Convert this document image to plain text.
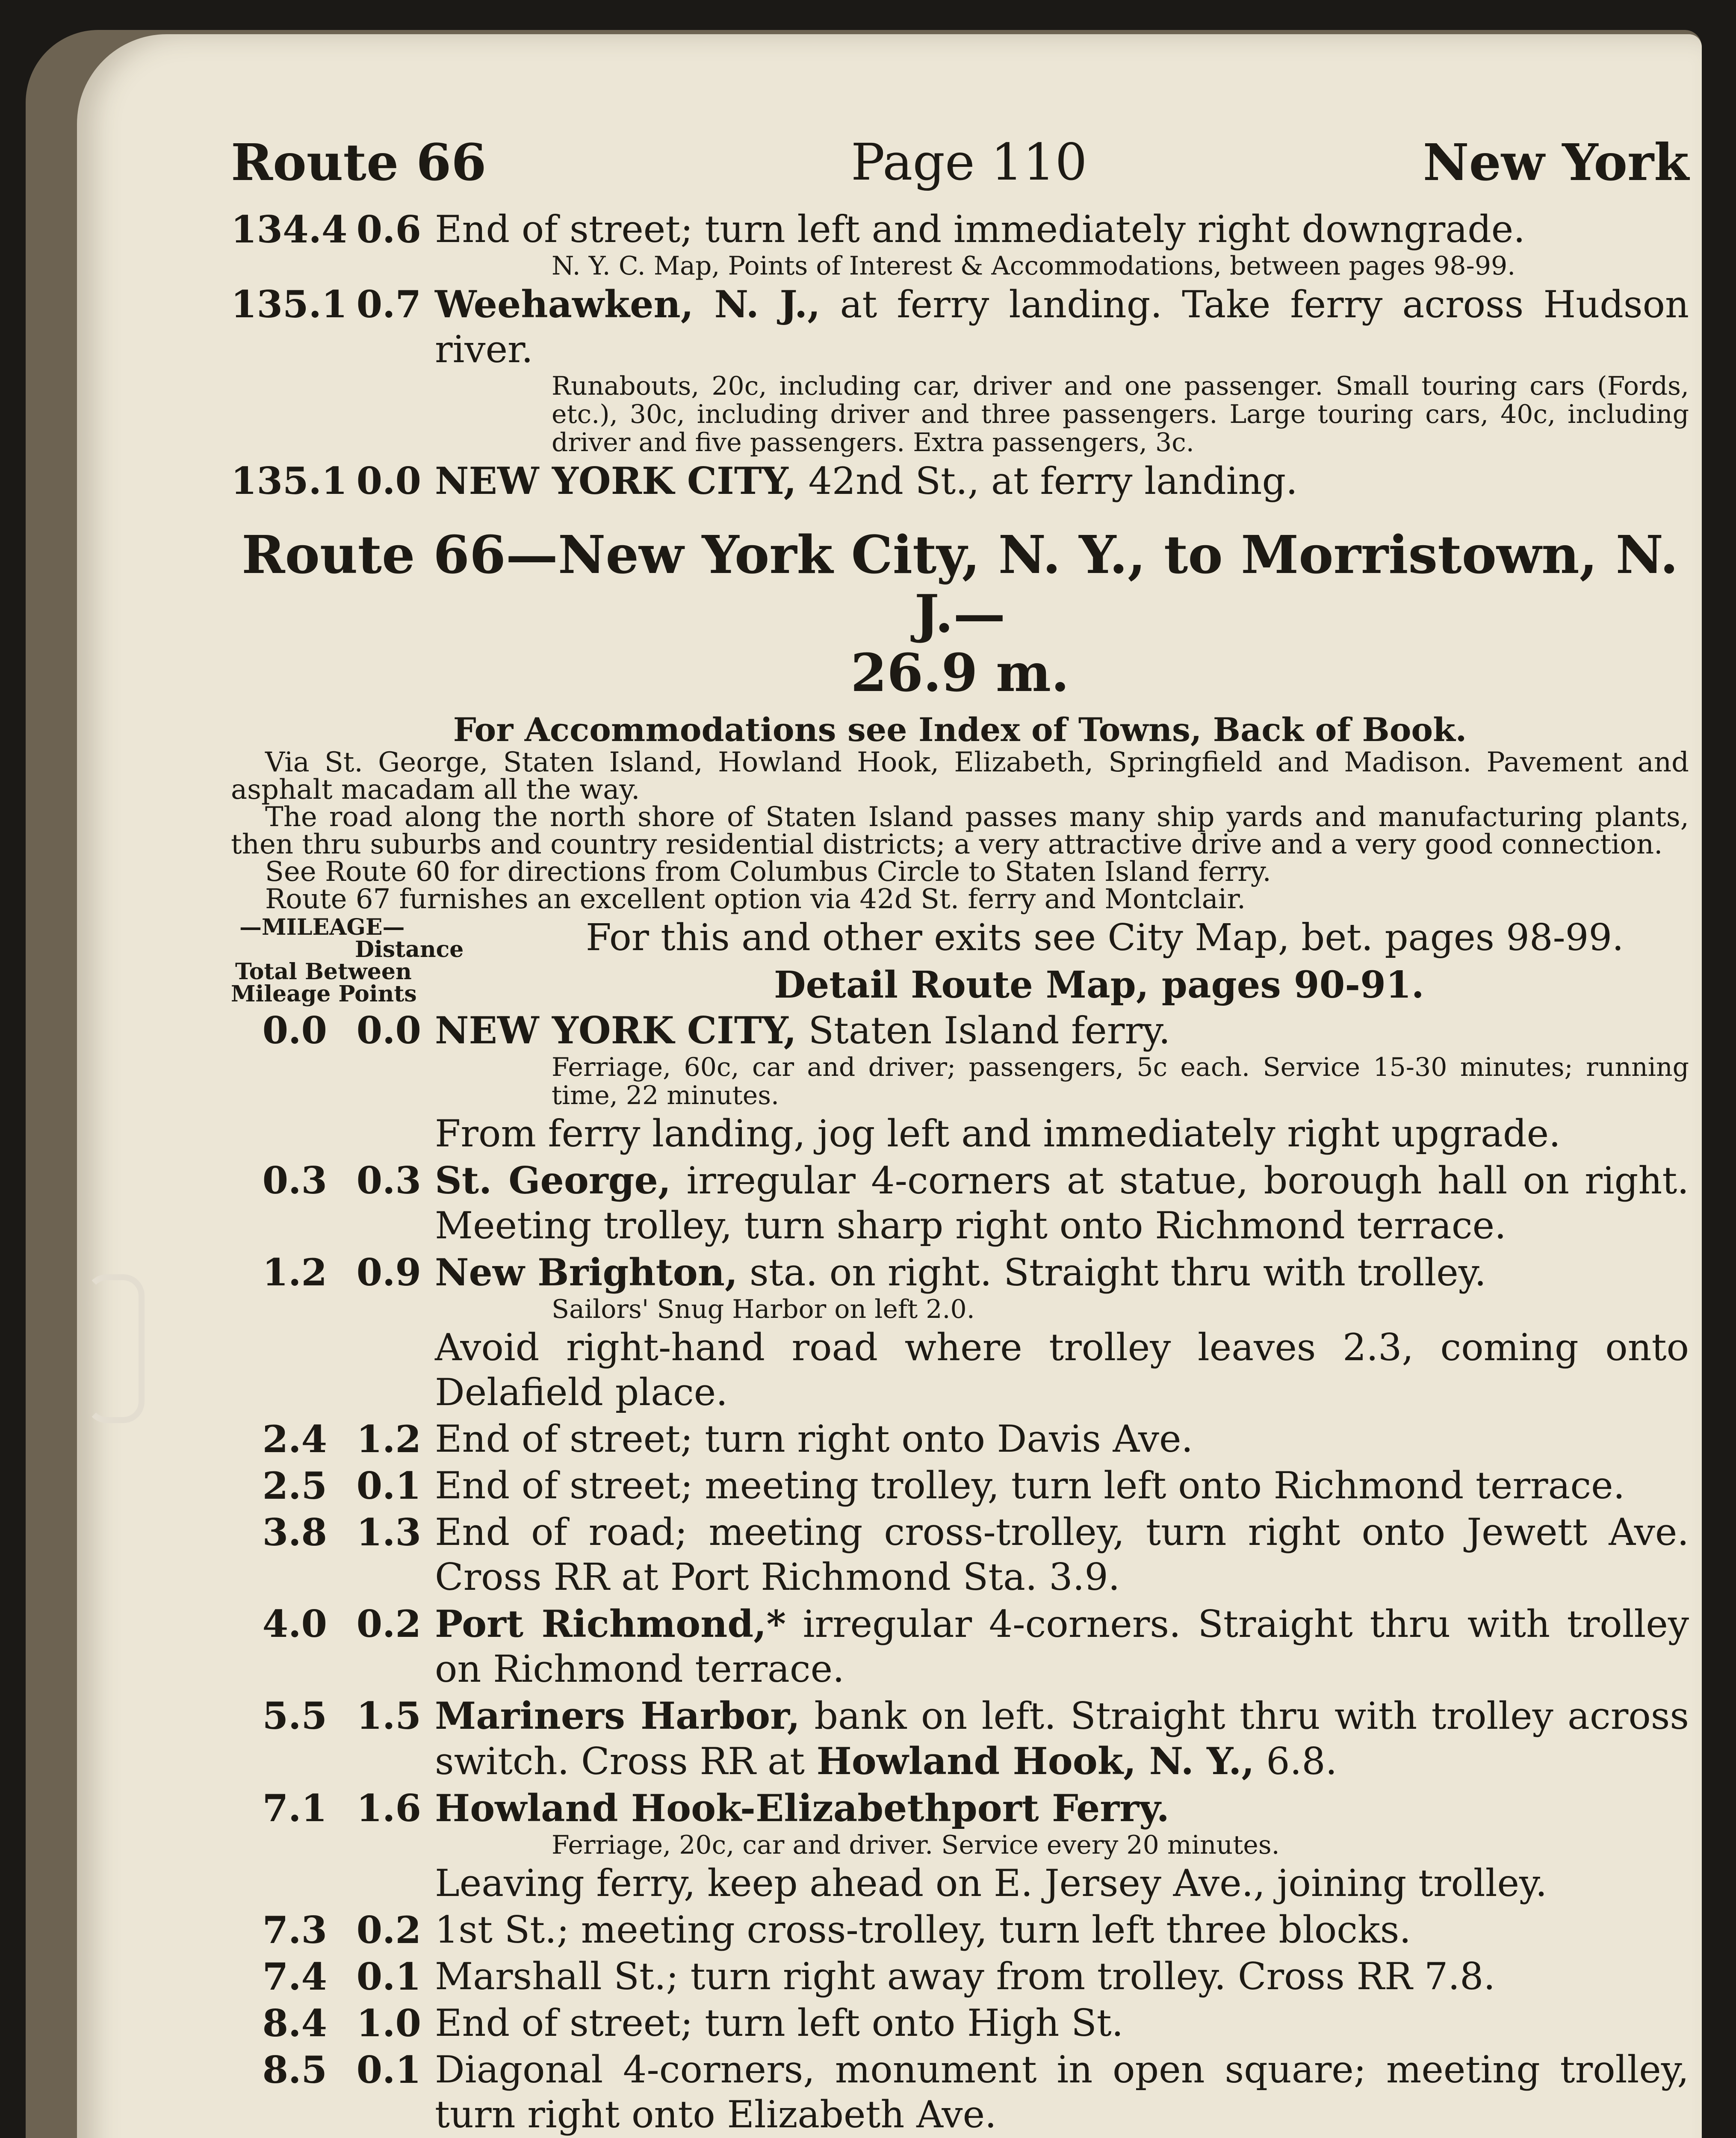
Route 66	Page 110	New York
134.4 0.6 End of street; turn left and immediately right downgrade.
N. Y. C. Map, Points of Interest & Accommodations, between pages 98-99.
135.1 0.7 Weehawken, N. J., at ferry landing. Take ferry across Hudson river.
Runabouts, 20c, including car, driver and one passenger. Small touring cars (Fords, etc.), 30c, including driver and three passengers. Large touring cars, 40c, including driver and five passengers. Extra passengers, 3c.
135.1 0.0 NEW YORK CITY, 42nd St., at ferry landing.
Route 66—New York City, N. Y., to Morristown, N. J.—
26.9 m.
For Accommodations see Index of Towns, Back of Book.
Via St. George, Staten Island, Howland Hook, Elizabeth, Springfield and Madison. Pavement and asphalt macadam all the way.
The road along the north shore of Staten Island passes many ship yards and manufacturing plants, then thru suburbs and country residential districts; a very attractive drive and a very good connection.
See Route 60 for directions from Columbus Circle to Staten Island ferry.
Route 67 furnishes an excellent option via 42d St. ferry and Montclair.
—MILEAGE—
Distance
Total Between
Mileage Points
For this and other exits see City Map, bet. pages 98-99.
Detail Route Map, pages 90-91.
0.0 0.0 NEW YORK CITY, Staten Island ferry.
Ferriage, 60c, car and driver; passengers, 5c each. Service 15-30 minutes; running time, 22 minutes.
From ferry landing, jog left and immediately right upgrade.
0.3 0.3 St. George, irregular 4-corners at statue, borough hall on right. Meeting trolley, turn sharp right onto Richmond terrace.
1.2 0.9 New Brighton, sta. on right. Straight thru with trolley.
Sailors' Snug Harbor on left 2.0.
Avoid right-hand road where trolley leaves 2.3, coming onto Delafield place.
2.4 1.2 End of street; turn right onto Davis Ave.
2.5 0.1 End of street; meeting trolley, turn left onto Richmond terrace.
3.8 1.3 End of road; meeting cross-trolley, turn right onto Jewett Ave. Cross RR at Port Richmond Sta. 3.9.
4.0 0.2 Port Richmond,* irregular 4-corners. Straight thru with trolley on Richmond terrace.
5.5 1.5 Mariners Harbor, bank on left. Straight thru with trolley across switch. Cross RR at Howland Hook, N. Y., 6.8.
7.1 1.6 Howland Hook-Elizabethport Ferry.
Ferriage, 20c, car and driver. Service every 20 minutes.
Leaving ferry, keep ahead on E. Jersey Ave., joining trolley.
7.3 0.2 1st St.; meeting cross-trolley, turn left three blocks.
7.4 0.1 Marshall St.; turn right away from trolley. Cross RR 7.8.
8.4 1.0 End of street; turn left onto High St.
8.5 0.1 Diagonal 4-corners, monument in open square; meeting trolley, turn right onto Elizabeth Ave.
